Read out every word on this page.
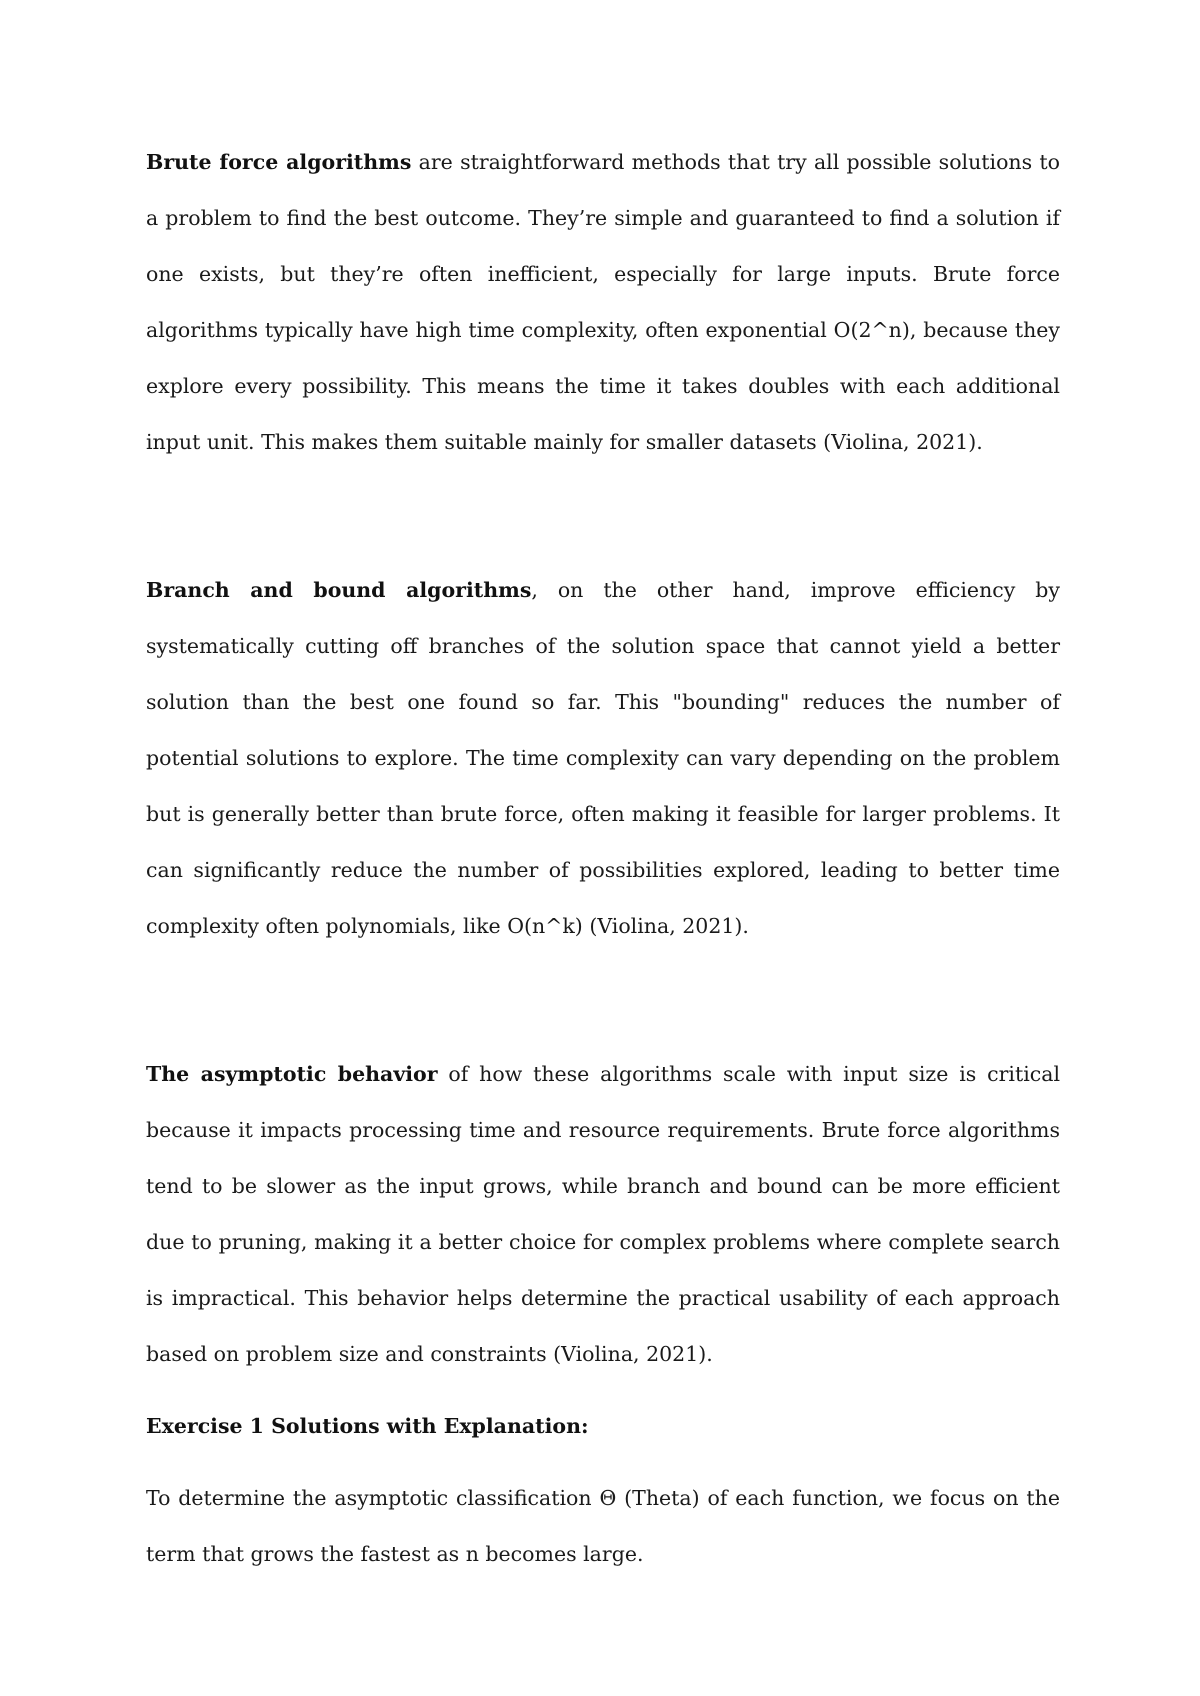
Brute force algorithms are straightforward methods that try all possible solutions to a problem to find the best outcome. They’re simple and guaranteed to find a solution if one exists, but they’re often inefficient, especially for large inputs. Brute force algorithms typically have high time complexity, often exponential O(2^n), because they explore every possibility. This means the time it takes doubles with each additional input unit. This makes them suitable mainly for smaller datasets (Violina, 2021).

Branch and bound algorithms, on the other hand, improve efficiency by systematically cutting off branches of the solution space that cannot yield a better solution than the best one found so far. This "bounding" reduces the number of potential solutions to explore. The time complexity can vary depending on the problem but is generally better than brute force, often making it feasible for larger problems. It can significantly reduce the number of possibilities explored, leading to better time complexity often polynomials, like O(n^k) (Violina, 2021).

The asymptotic behavior of how these algorithms scale with input size is critical because it impacts processing time and resource requirements. Brute force algorithms tend to be slower as the input grows, while branch and bound can be more efficient due to pruning, making it a better choice for complex problems where complete search is impractical. This behavior helps determine the practical usability of each approach based on problem size and constraints (Violina, 2021).

Exercise 1 Solutions with Explanation:

To determine the asymptotic classification Θ (Theta) of each function, we focus on the term that grows the fastest as n becomes large.
